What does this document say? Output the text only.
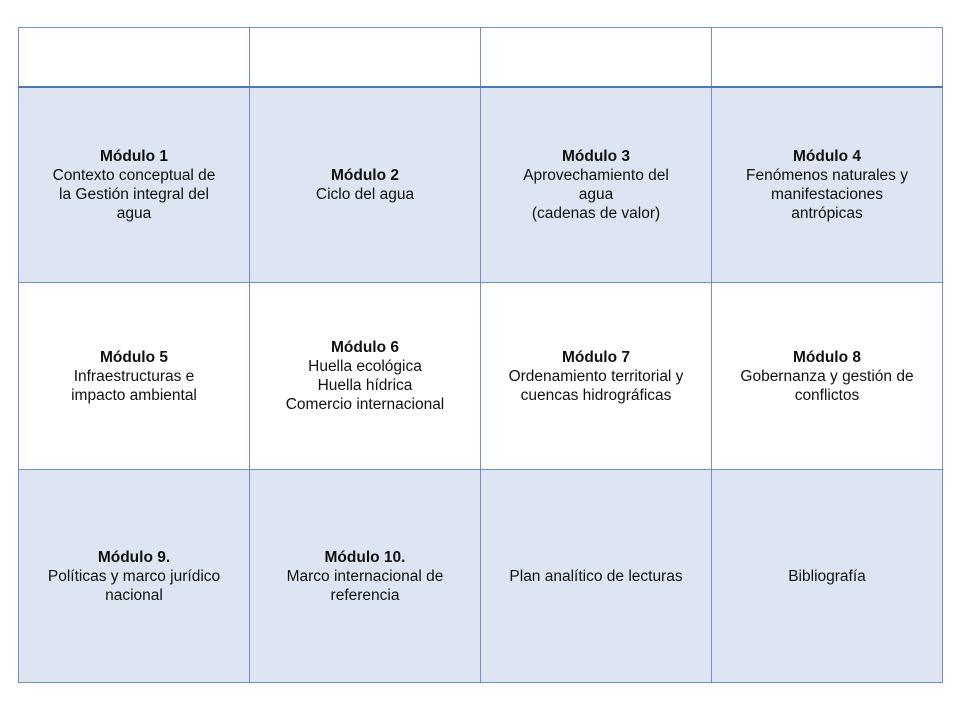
Módulo 1
Contexto conceptual de
la Gestión integral del
agua	Módulo 2
Ciclo del agua	Módulo 3
Aprovechamiento del
agua
(cadenas de valor)	Módulo 4
Fenómenos naturales y
manifestaciones
antrópicas

Módulo 5
Infraestructuras e
impacto ambiental	Módulo 6
Huella ecológica
Huella hídrica
Comercio internacional	Módulo 7
Ordenamiento territorial y
cuencas hidrográficas	Módulo 8
Gobernanza y gestión de
conflictos

Módulo 9.
Políticas y marco jurídico
nacional	Módulo 10.
Marco internacional de
referencia	Plan analítico de lecturas	Bibliografía
